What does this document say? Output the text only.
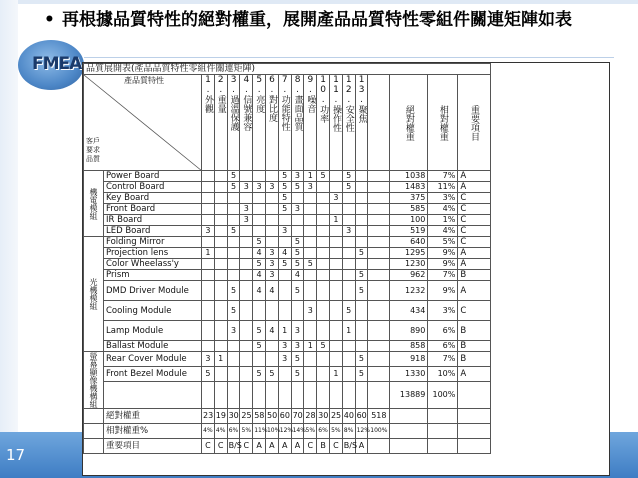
17
FMEA
• 再根據品質特性的絕對權重，展開產品品質特性零組件關連矩陣如表
品質展開表(產品品質特性零組件關連矩陣)																		

產品質特性
客戶要求品質		1.外觀	2.重量	3.過溫保護	4.信號兼容	5.亮度	6.對比度	7.功能特性	8.畫面品質	9.噪音	10.功率	11.操作性	12.安全性	13.聚焦		絕對權重	相對權重	重要項目

機電模組	Power Board			5				5	3	1	5		5			1038	7%	A
	Control Board			5	3	3	3	5	5	3			5			1483	11%	A
	Key Board							5				3				375	3%	C
	Front Board				3			5	3							585	4%	C
	IR Board				3							1				100	1%	C
	LED Board	3		5				3					3			519	4%	C

光機模組	Folding Mirror					5			5							640	5%	C
	Projection lens	1				4	3	4	5					5		1295	9%	A
	Color Wheelass'y					5	3	5	5	5						1230	9%	A
	Prism					4	3		4					5		962	7%	B
	DMD Driver Module			5		4	4		5					5		1232	9%	A
	Cooling Module			5						3			5			434	3%	C
	Lamp Module			3		5	4	1	3				1			890	6%	B
	Ballast Module					5		3	3	1	5					858	6%	B

螢幕顯像機構組	Rear Cover Module	3	1					3	5					5		918	7%	B
	Front Bezel Module	5				5	5		5			1		5		1330	10%	A
																13889	100%	
	絕對權重	23	19	30	25	58	50	60	70	28	30	25	40	60	518			
	相對權重%	4%	4%	6%	5%	11%	10%	12%	14%	5%	6%	5%	8%	12%	100%			
	重要項目	C	C	B/S	C	A	A	A	A	C	B	C	B/S	A				
